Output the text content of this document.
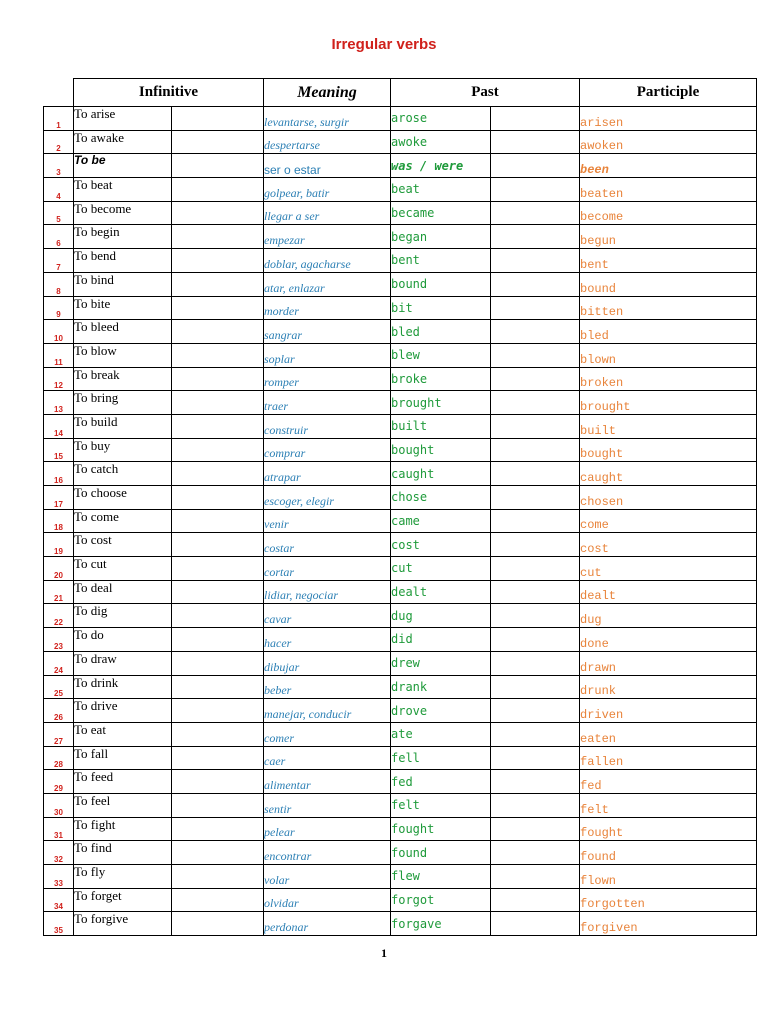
Irregular verbs
	Infinitive		Meaning	Past		Participle
1	To arise		levantarse, surgir	arose		arisen
2	To awake		despertarse	awoke		awoken
3	To be		ser o estar	was / were		been
4	To beat		golpear, batir	beat		beaten
5	To become		llegar a ser	became		become
6	To begin		empezar	began		begun
7	To bend		doblar, agacharse	bent		bent
8	To bind		atar, enlazar	bound		bound
9	To bite		morder	bit		bitten
10	To bleed		sangrar	bled		bled
11	To blow		soplar	blew		blown
12	To break		romper	broke		broken
13	To bring		traer	brought		brought
14	To build		construir	built		built
15	To buy		comprar	bought		bought
16	To catch		atrapar	caught		caught
17	To choose		escoger, elegir	chose		chosen
18	To come		venir	came		come
19	To cost		costar	cost		cost
20	To cut		cortar	cut		cut
21	To deal		lidiar, negociar	dealt		dealt
22	To dig		cavar	dug		dug
23	To do		hacer	did		done
24	To draw		dibujar	drew		drawn
25	To drink		beber	drank		drunk
26	To drive		manejar, conducir	drove		driven
27	To eat		comer	ate		eaten
28	To fall		caer	fell		fallen
29	To feed		alimentar	fed		fed
30	To feel		sentir	felt		felt
31	To fight		pelear	fought		fought
32	To find		encontrar	found		found
33	To fly		volar	flew		flown
34	To forget		olvidar	forgot		forgotten
35	To forgive		perdonar	forgave		forgiven
1
